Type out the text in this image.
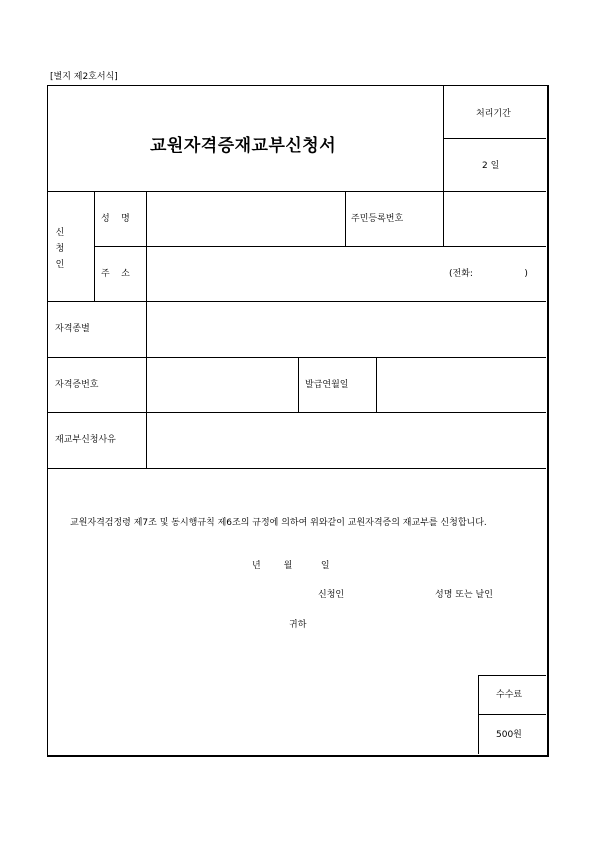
[별지 제2호서식]
교원자격증재교부신청서
처리기간
2 일
신청인
성    명	주민등록번호
주    소	(전화:                  )
자격종별
자격증번호	발급연월일
재교부신청사유
교원자격검정령 제7조 및 동시행규칙 제6조의 규정에 의하여 위와같이 교원자격증의 재교부를 신청합니다.
년        월          일
신청인	성명 또는 날인
귀하
수수료
500원
